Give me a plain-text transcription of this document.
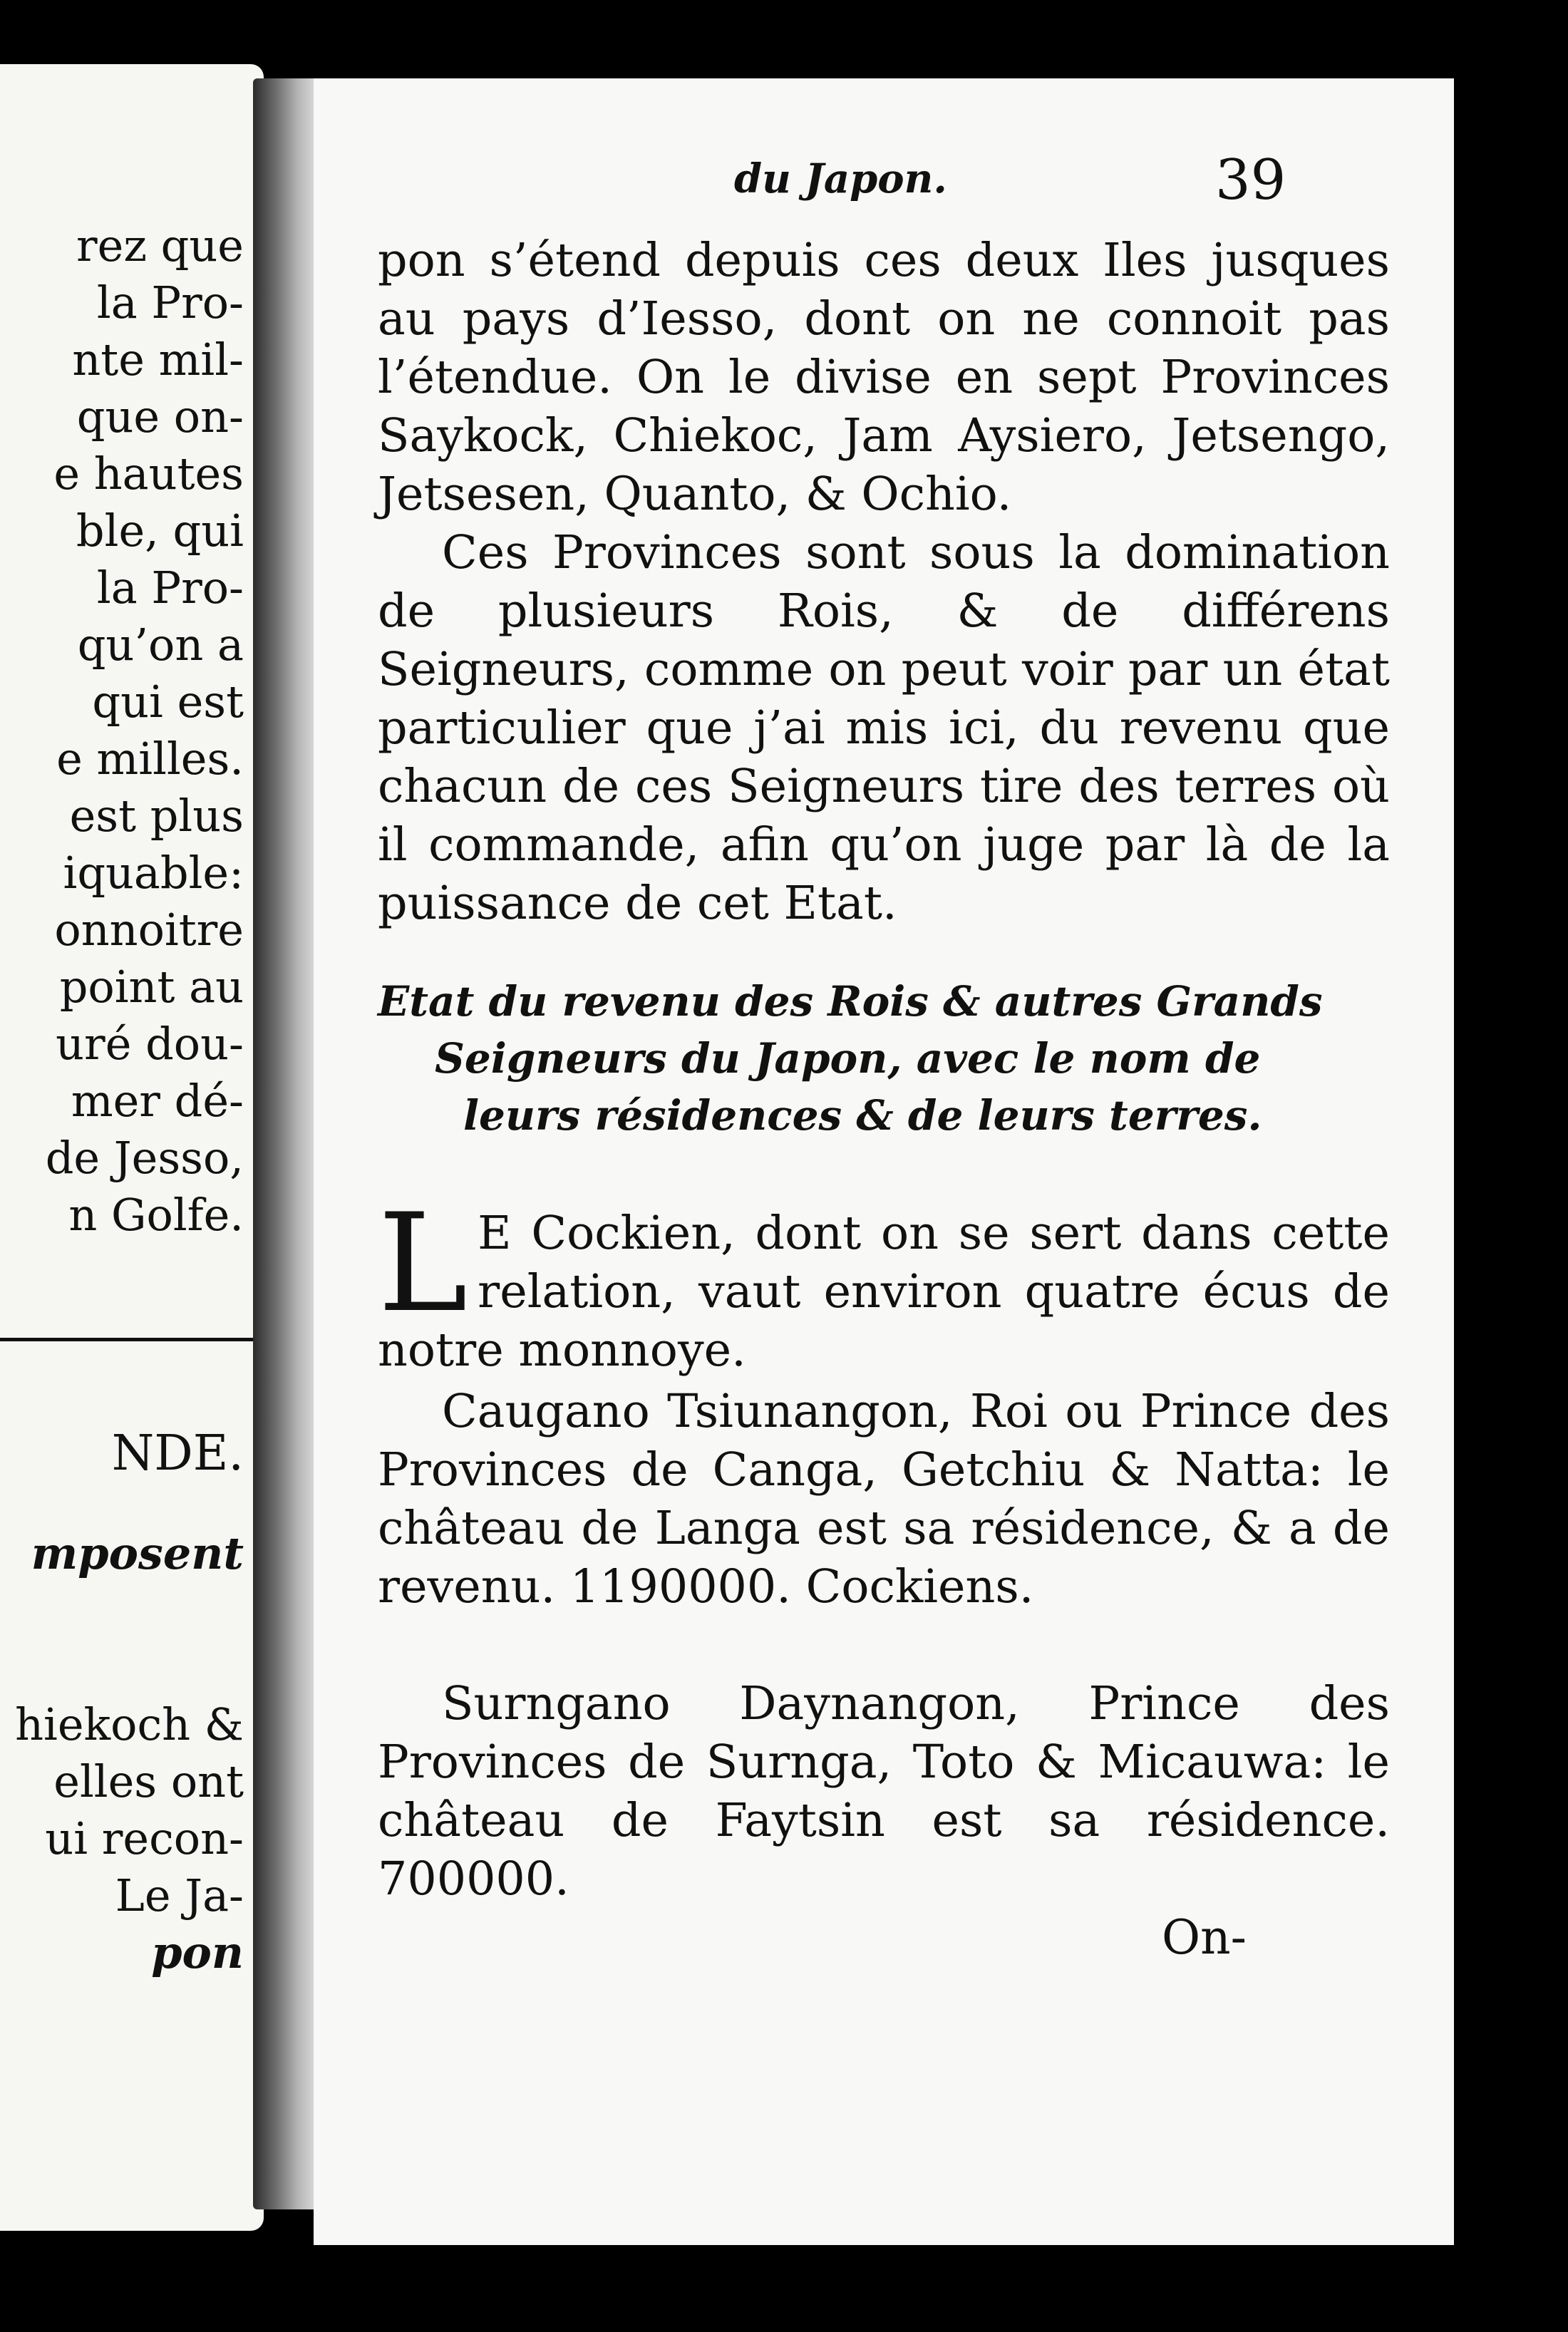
rez que
la Pro-
nte mil-
que on-
e hautes
ble, qui
la Pro-
qu’on a
qui est
e milles.
est plus
iquable:
onnoitre
point au
uré dou-
mer dé-
de Jesso,
n Golfe.
NDE.
mposent
hiekoch &
elles ont
ui recon-
Le Ja-
pon
du Japon.	39

pon s’étend depuis ces deux Iles jusques au pays d’Iesso, dont on ne connoit pas l’étendue. On le divise en sept Provinces Saykock, Chiekoc, Jam Aysiero, Jetsengo, Jetsesen, Quanto, & Ochio.

Ces Provinces sont sous la domination de plusieurs Rois, & de différens Seigneurs, comme on peut voir par un état particulier que j’ai mis ici, du revenu que chacun de ces Seigneurs tire des terres où il commande, afin qu’on juge par là de la puissance de cet Etat.

Etat du revenu des Rois & autres Grands
Seigneurs du Japon, avec le nom de
leurs résidences & de leurs terres.
L E Cockien, dont on se sert dans cette relation, vaut environ quatre écus de notre monnoye.

Caugano Tsiunangon, Roi ou Prince des Provinces de Canga, Getchiu & Natta: le château de Langa est sa résidence, & a de revenu. 1190000. Cockiens.

Surngano Daynangon, Prince des Provinces de Surnga, Toto & Micauwa: le château de Faytsin est sa résidence. 700000.

On-
